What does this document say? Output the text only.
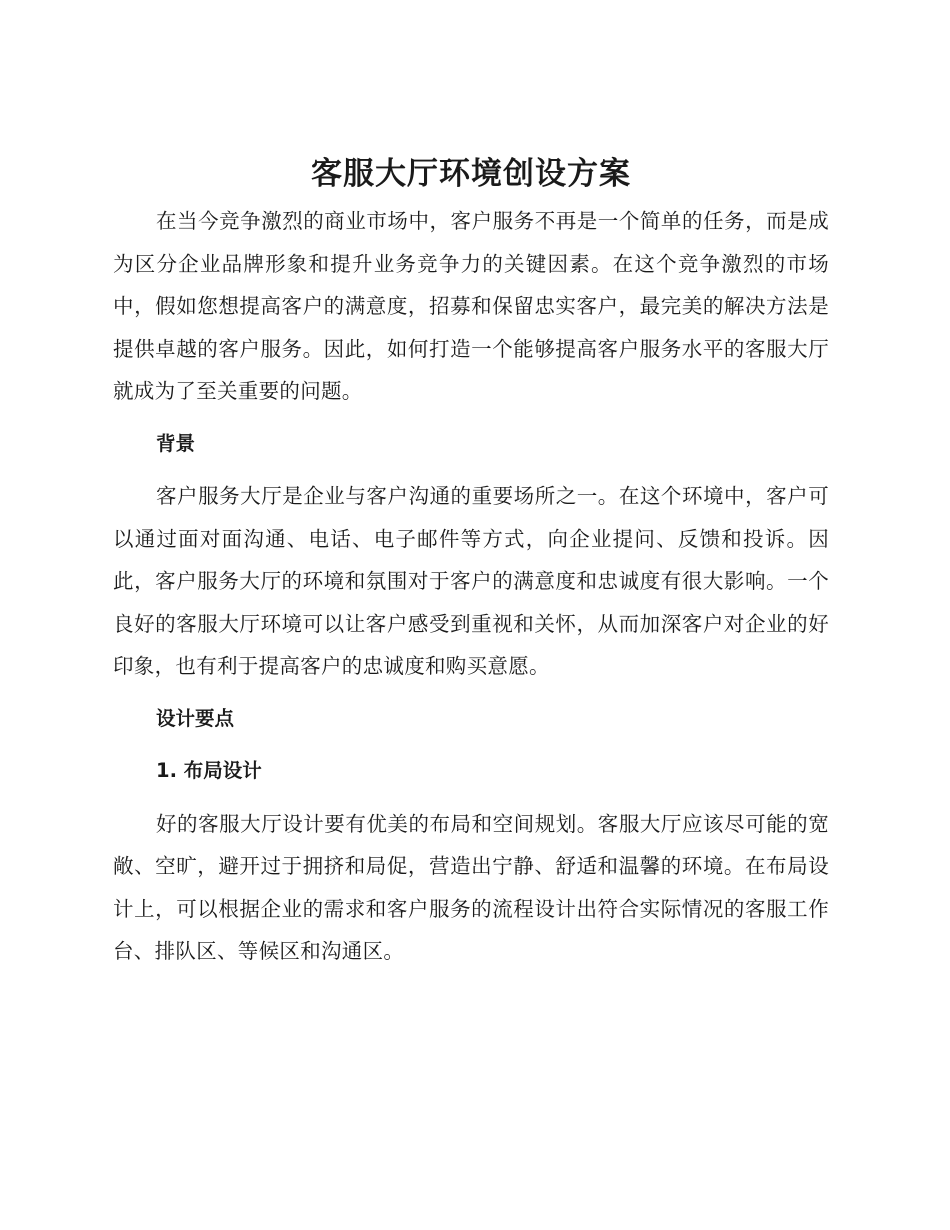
客服大厅环境创设方案

在当今竞争激烈的商业市场中，客户服务不再是一个简单的任务，而是成为区分企业品牌形象和提升业务竞争力的关键因素。在这个竞争激烈的市场中，假如您想提高客户的满意度，招募和保留忠实客户，最完美的解决方法是提供卓越的客户服务。因此，如何打造一个能够提高客户服务水平的客服大厅就成为了至关重要的问题。

背景

客户服务大厅是企业与客户沟通的重要场所之一。在这个环境中，客户可以通过面对面沟通、电话、电子邮件等方式，向企业提问、反馈和投诉。因此，客户服务大厅的环境和氛围对于客户的满意度和忠诚度有很大影响。一个良好的客服大厅环境可以让客户感受到重视和关怀，从而加深客户对企业的好印象，也有利于提高客户的忠诚度和购买意愿。

设计要点
1. 布局设计

好的客服大厅设计要有优美的布局和空间规划。客服大厅应该尽可能的宽敞、空旷，避开过于拥挤和局促，营造出宁静、舒适和温馨的环境。在布局设计上，可以根据企业的需求和客户服务的流程设计出符合实际情况的客服工作台、排队区、等候区和沟通区。
